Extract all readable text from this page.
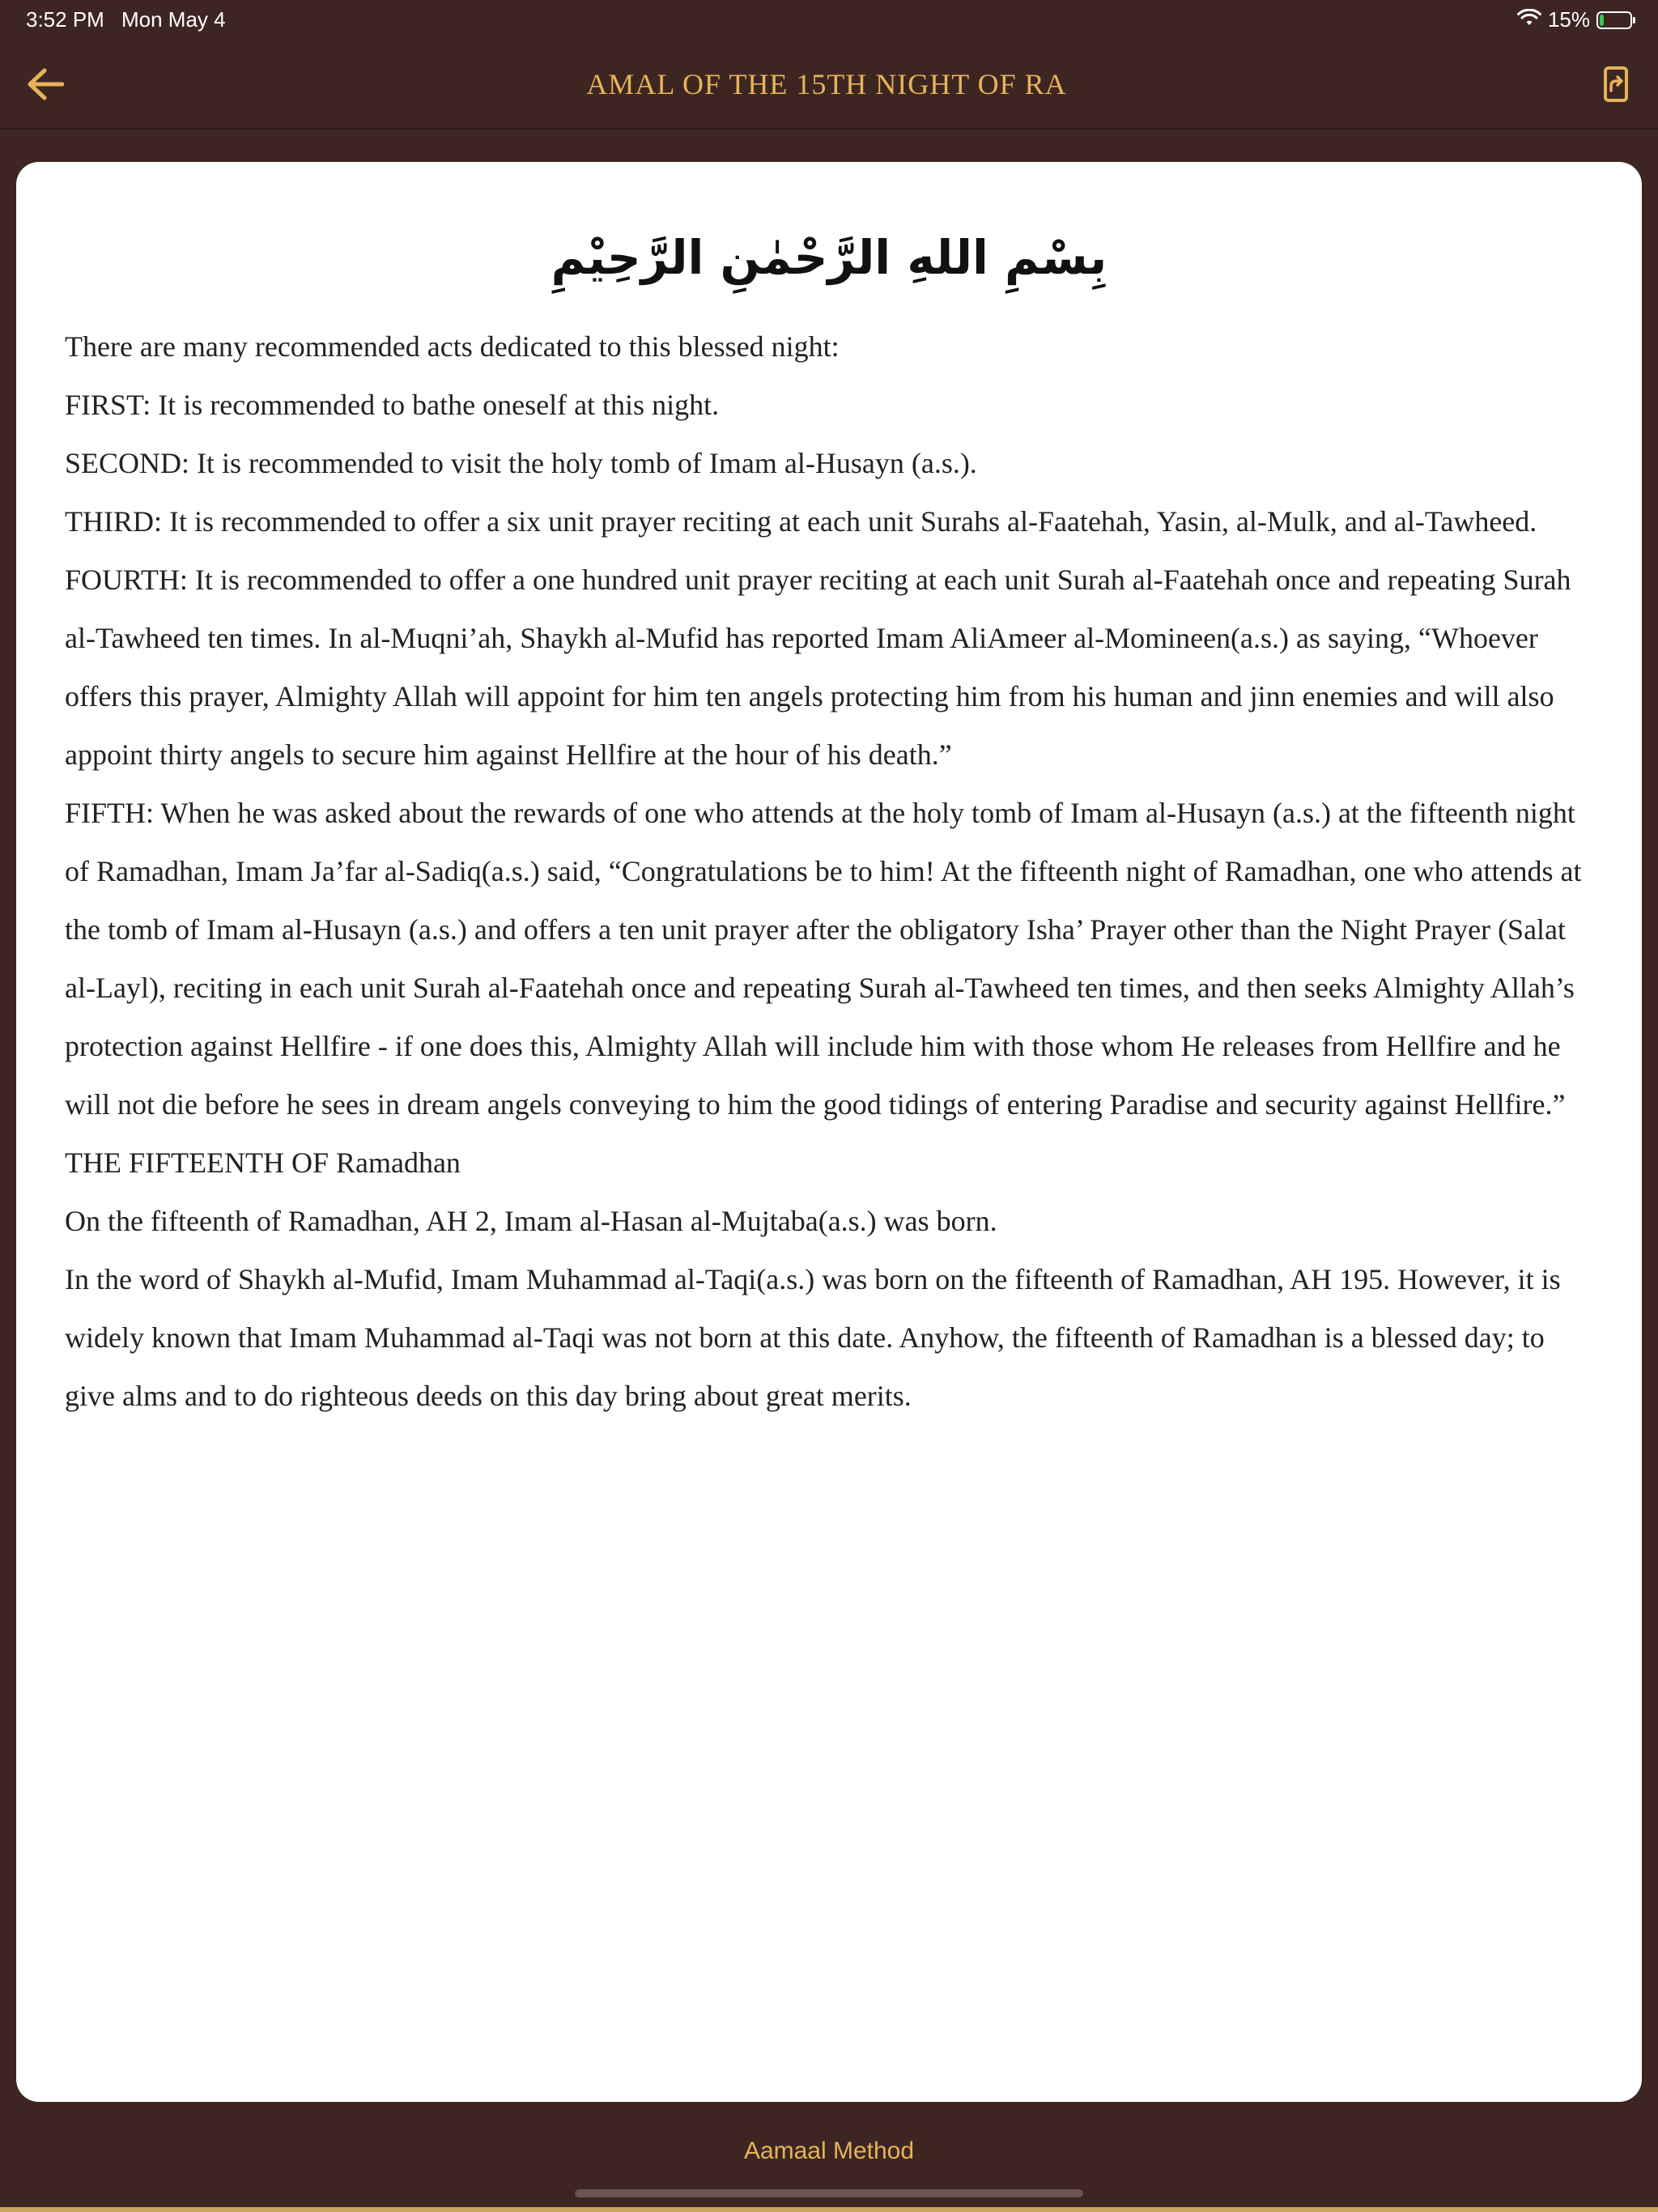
3:52 PM Mon May 4	15%
AMAL OF THE 15TH NIGHT OF RA
بِسْمِ اللهِ الرَّحْمٰنِ الرَّحِيْمِ

There are many recommended acts dedicated to this blessed night:

FIRST: It is recommended to bathe oneself at this night.

SECOND: It is recommended to visit the holy tomb of Imam al-Husayn (a.s.).

THIRD: It is recommended to offer a six unit prayer reciting at each unit Surahs al-Faatehah, Yasin, al-Mulk, and al-Tawheed.

FOURTH: It is recommended to offer a one hundred unit prayer reciting at each unit Surah al-Faatehah once and repeating Surah al-Tawheed ten times. In al-Muqni’ah, Shaykh al-Mufid has reported Imam AliAmeer al-Momineen(a.s.) as saying, “Whoever offers this prayer, Almighty Allah will appoint for him ten angels protecting him from his human and jinn enemies and will also appoint thirty angels to secure him against Hellfire at the hour of his death.”

FIFTH: When he was asked about the rewards of one who attends at the holy tomb of Imam al-Husayn (a.s.) at the fifteenth night of Ramadhan, Imam Ja’far al-Sadiq(a.s.) said, “Congratulations be to him! At the fifteenth night of Ramadhan, one who attends at the tomb of Imam al-Husayn (a.s.) and offers a ten unit prayer after the obligatory Isha’ Prayer other than the Night Prayer (Salat al-Layl), reciting in each unit Surah al-Faatehah once and repeating Surah al-Tawheed ten times, and then seeks Almighty Allah’s protection against Hellfire - if one does this, Almighty Allah will include him with those whom He releases from Hellfire and he will not die before he sees in dream angels conveying to him the good tidings of entering Paradise and security against Hellfire.”

THE FIFTEENTH OF Ramadhan

On the fifteenth of Ramadhan, AH 2, Imam al-Hasan al-Mujtaba(a.s.) was born.

In the word of Shaykh al-Mufid, Imam Muhammad al-Taqi(a.s.) was born on the fifteenth of Ramadhan, AH 195. However, it is widely known that Imam Muhammad al-Taqi was not born at this date. Anyhow, the fifteenth of Ramadhan is a blessed day; to give alms and to do righteous deeds on this day bring about great merits.

Aamaal Method
